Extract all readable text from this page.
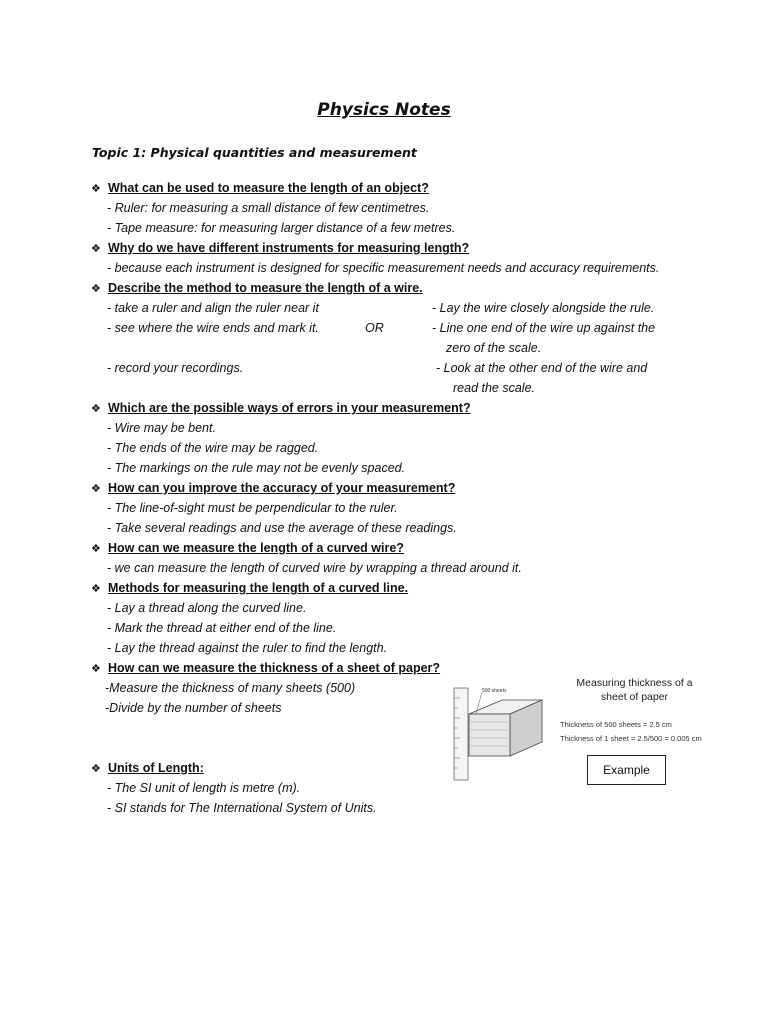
Physics Notes
Topic 1: Physical quantities and measurement
❖ What can be used to measure the length of an object?
- Ruler: for measuring a small distance of few centimetres.
- Tape measure: for measuring larger distance of a few metres.
❖ Why do we have different instruments for measuring length?
- because each instrument is designed for specific measurement needs and accuracy requirements.
❖ Describe the method to measure the length of a wire.
- take a ruler and align the ruler near it	- Lay the wire closely alongside the rule.
- see where the wire ends and mark it.	OR	- Line one end of the wire up against the
zero of the scale.
- record your recordings.	- Look at the other end of the wire and
read the scale.
❖ Which are the possible ways of errors in your measurement?
- Wire may be bent.
- The ends of the wire may be ragged.
- The markings on the rule may not be evenly spaced.
❖ How can you improve the accuracy of your measurement?
- The line-of-sight must be perpendicular to the ruler.
- Take several readings and use the average of these readings.
❖ How can we measure the length of a curved wire?
- we can measure the length of curved wire by wrapping a thread around it.
❖ Methods for measuring the length of a curved line.
- Lay a thread along the curved line.
- Mark the thread at either end of the line.
- Lay the thread against the ruler to find the length.
❖ How can we measure the thickness of a sheet of paper?
-Measure the thickness of many sheets (500)
-Divide by the number of sheets
❖ Units of Length:
- The SI unit of length is metre (m).
- SI stands for The International System of Units.
500 sheets
Measuring thickness of a
sheet of paper
Thickness of 500 sheets = 2.5 cm
Thickness of 1 sheet = 2.5/500 = 0.005 cm
Example
